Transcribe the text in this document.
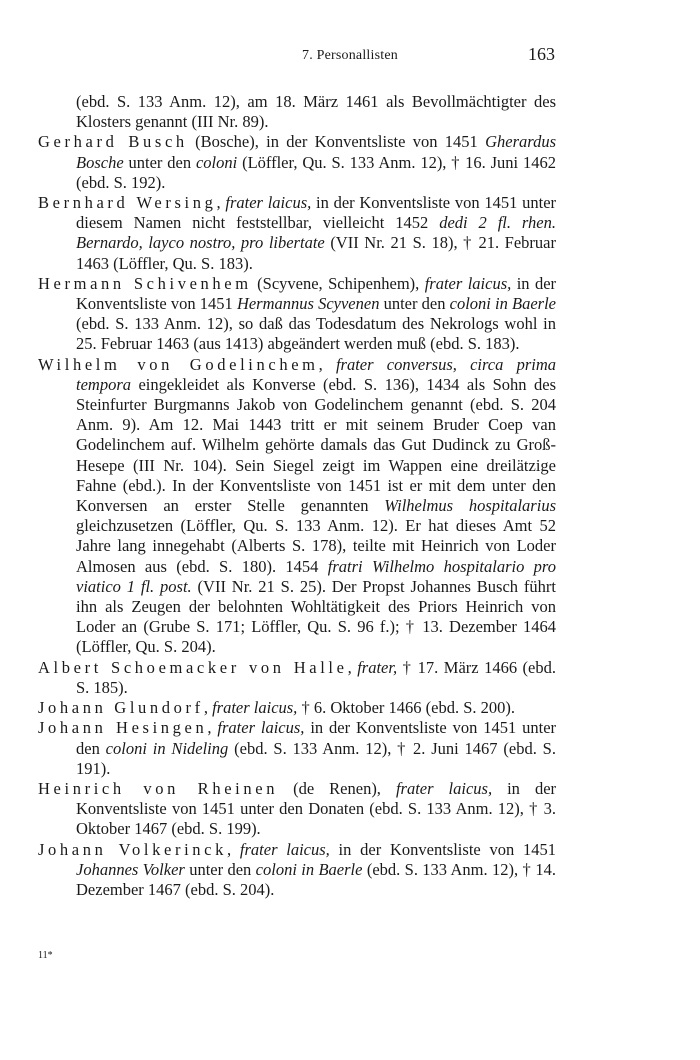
7. Personallisten	163

(ebd. S. 133 Anm. 12), am 18. März 1461 als Bevollmächtigter des Klosters genannt (III Nr. 89).

Gerhard Busch (Bosche), in der Konventsliste von 1451 Gherardus Bosche unter den coloni (Löffler, Qu. S. 133 Anm. 12), † 16. Juni 1462 (ebd. S. 192).

Bernhard Wersing, frater laicus, in der Konventsliste von 1451 unter diesem Namen nicht feststellbar, vielleicht 1452 dedi 2 fl. rhen. Bernardo, layco nostro, pro libertate (VII Nr. 21 S. 18), † 21. Februar 1463 (Löffler, Qu. S. 183).

Hermann Schivenhem (Scyvene, Schipenhem), frater laicus, in der Konventsliste von 1451 Hermannus Scyvenen unter den coloni in Baerle (ebd. S. 133 Anm. 12), so daß das Todesdatum des Nekrologs wohl in 25. Februar 1463 (aus 1413) abgeändert werden muß (ebd. S. 183).

Wilhelm von Godelinchem, frater conversus, circa prima tempora eingekleidet als Konverse (ebd. S. 136), 1434 als Sohn des Steinfurter Burgmanns Jakob von Godelinchem genannt (ebd. S. 204 Anm. 9). Am 12. Mai 1443 tritt er mit seinem Bruder Coep van Godelinchem auf. Wilhelm gehörte damals das Gut Dudinck zu Groß-Hesepe (III Nr. 104). Sein Siegel zeigt im Wappen eine dreilätzige Fahne (ebd.). In der Konventsliste von 1451 ist er mit dem unter den Konversen an erster Stelle genannten Wilhelmus hospitalarius gleichzusetzen (Löffler, Qu. S. 133 Anm. 12). Er hat dieses Amt 52 Jahre lang innegehabt (Alberts S. 178), teilte mit Heinrich von Loder Almosen aus (ebd. S. 180). 1454 fratri Wilhelmo hospitalario pro viatico 1 fl. post. (VII Nr. 21 S. 25). Der Propst Johannes Busch führt ihn als Zeugen der belohnten Wohltätigkeit des Priors Heinrich von Loder an (Grube S. 171; Löffler, Qu. S. 96 f.); † 13. Dezember 1464 (Löffler, Qu. S. 204).

Albert Schoemacker von Halle, frater, † 17. März 1466 (ebd. S. 185).

Johann Glundorf, frater laicus, † 6. Oktober 1466 (ebd. S. 200).

Johann Hesingen, frater laicus, in der Konventsliste von 1451 unter den coloni in Nideling (ebd. S. 133 Anm. 12), † 2. Juni 1467 (ebd. S. 191).

Heinrich von Rheinen (de Renen), frater laicus, in der Konventsliste von 1451 unter den Donaten (ebd. S. 133 Anm. 12), † 3. Oktober 1467 (ebd. S. 199).

Johann Volkerinck, frater laicus, in der Konventsliste von 1451 Johannes Volker unter den coloni in Baerle (ebd. S. 133 Anm. 12), † 14. Dezember 1467 (ebd. S. 204).

11*
